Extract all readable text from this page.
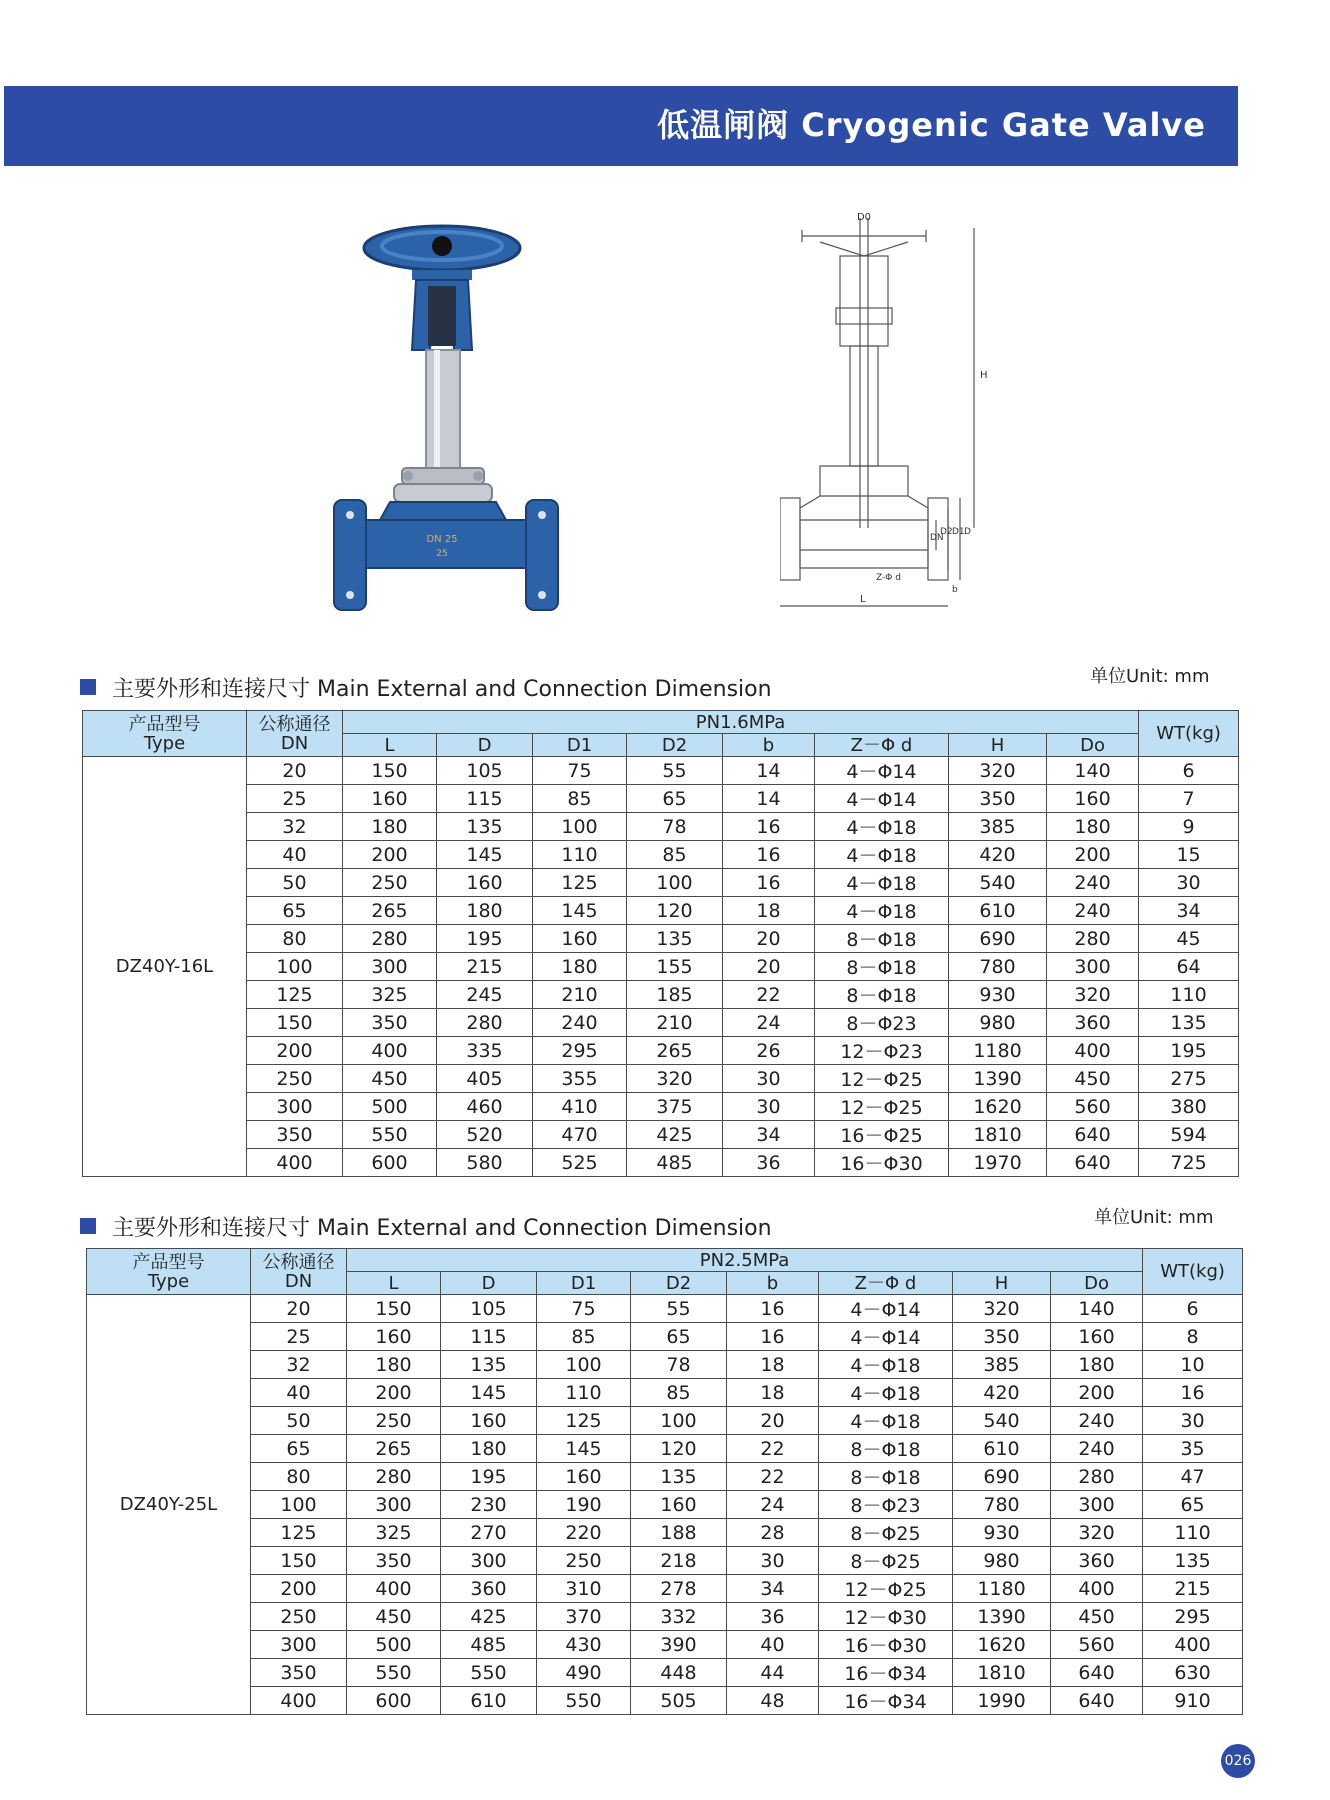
低温闸阀 Cryogenic Gate Valve
DN 25
25
D0
H
DN
D2 D1 D
Z-Φ d
L
b
主要外形和连接尺寸 Main External and Connection Dimension	单位Unit: mm
产品型号
Type	公称通径
DN	PN1.6MPa								WT(kg)
		L	D	D1	D2	b	Z－Φ d	H	Do	
DZ40Y-16L	20	150	105	75	55	14	4－Φ14	320	140	6
	25	160	115	85	65	14	4－Φ14	350	160	7
	32	180	135	100	78	16	4－Φ18	385	180	9
	40	200	145	110	85	16	4－Φ18	420	200	15
	50	250	160	125	100	16	4－Φ18	540	240	30
	65	265	180	145	120	18	4－Φ18	610	240	34
	80	280	195	160	135	20	8－Φ18	690	280	45
	100	300	215	180	155	20	8－Φ18	780	300	64
	125	325	245	210	185	22	8－Φ18	930	320	110
	150	350	280	240	210	24	8－Φ23	980	360	135
	200	400	335	295	265	26	12－Φ23	1180	400	195
	250	450	405	355	320	30	12－Φ25	1390	450	275
	300	500	460	410	375	30	12－Φ25	1620	560	380
	350	550	520	470	425	34	16－Φ25	1810	640	594
	400	600	580	525	485	36	16－Φ30	1970	640	725
主要外形和连接尺寸 Main External and Connection Dimension	单位Unit: mm
产品型号
Type	公称通径
DN	PN2.5MPa								WT(kg)
		L	D	D1	D2	b	Z－Φ d	H	Do	
DZ40Y-25L	20	150	105	75	55	16	4－Φ14	320	140	6
	25	160	115	85	65	16	4－Φ14	350	160	8
	32	180	135	100	78	18	4－Φ18	385	180	10
	40	200	145	110	85	18	4－Φ18	420	200	16
	50	250	160	125	100	20	4－Φ18	540	240	30
	65	265	180	145	120	22	8－Φ18	610	240	35
	80	280	195	160	135	22	8－Φ18	690	280	47
	100	300	230	190	160	24	8－Φ23	780	300	65
	125	325	270	220	188	28	8－Φ25	930	320	110
	150	350	300	250	218	30	8－Φ25	980	360	135
	200	400	360	310	278	34	12－Φ25	1180	400	215
	250	450	425	370	332	36	12－Φ30	1390	450	295
	300	500	485	430	390	40	16－Φ30	1620	560	400
	350	550	550	490	448	44	16－Φ34	1810	640	630
	400	600	610	550	505	48	16－Φ34	1990	640	910
026
